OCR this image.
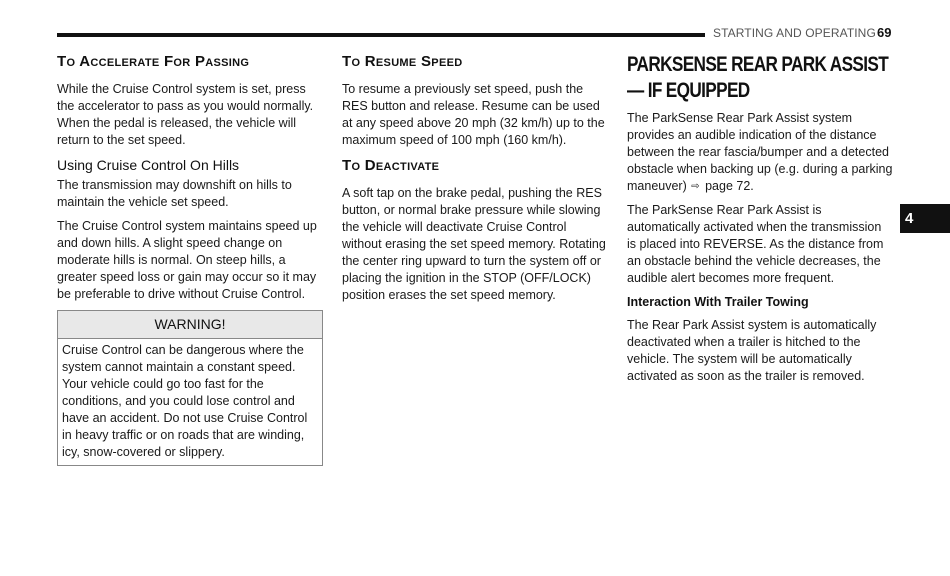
STARTING AND OPERATING 69
To Accelerate For Passing

While the Cruise Control system is set, press the accelerator to pass as you would normally. When the pedal is released, the vehicle will return to the set speed.

Using Cruise Control On Hills

The transmission may downshift on hills to maintain the vehicle set speed.

The Cruise Control system maintains speed up and down hills. A slight speed change on moderate hills is normal. On steep hills, a greater speed loss or gain may occur so it may be preferable to drive without Cruise Control.

WARNING!

Cruise Control can be dangerous where the system cannot maintain a constant speed. Your vehicle could go too fast for the conditions, and you could lose control and have an accident. Do not use Cruise Control in heavy traffic or on roads that are winding, icy, snow-covered or slippery.

To Resume Speed

To resume a previously set speed, push the RES button and release. Resume can be used at any speed above 20 mph (32 km/h) up to the maximum speed of 100 mph (160 km/h).

To Deactivate

A soft tap on the brake pedal, pushing the RES button, or normal brake pressure while slowing the vehicle will deactivate Cruise Control without erasing the set speed memory. Rotating the center ring upward to turn the system off or placing the ignition in the STOP (OFF/LOCK) position erases the set speed memory.

PARKSENSE REAR PARK ASSIST — IF EQUIPPED

The ParkSense Rear Park Assist system provides an audible indication of the distance between the rear fascia/bumper and a detected obstacle when backing up (e.g. during a parking maneuver) ⇨ page 72.

The ParkSense Rear Park Assist is automatically activated when the transmission is placed into REVERSE. As the distance from an obstacle behind the vehicle decreases, the audible alert becomes more frequent.

Interaction With Trailer Towing

The Rear Park Assist system is automatically deactivated when a trailer is hitched to the vehicle. The system will be automatically activated as soon as the trailer is removed.

4
